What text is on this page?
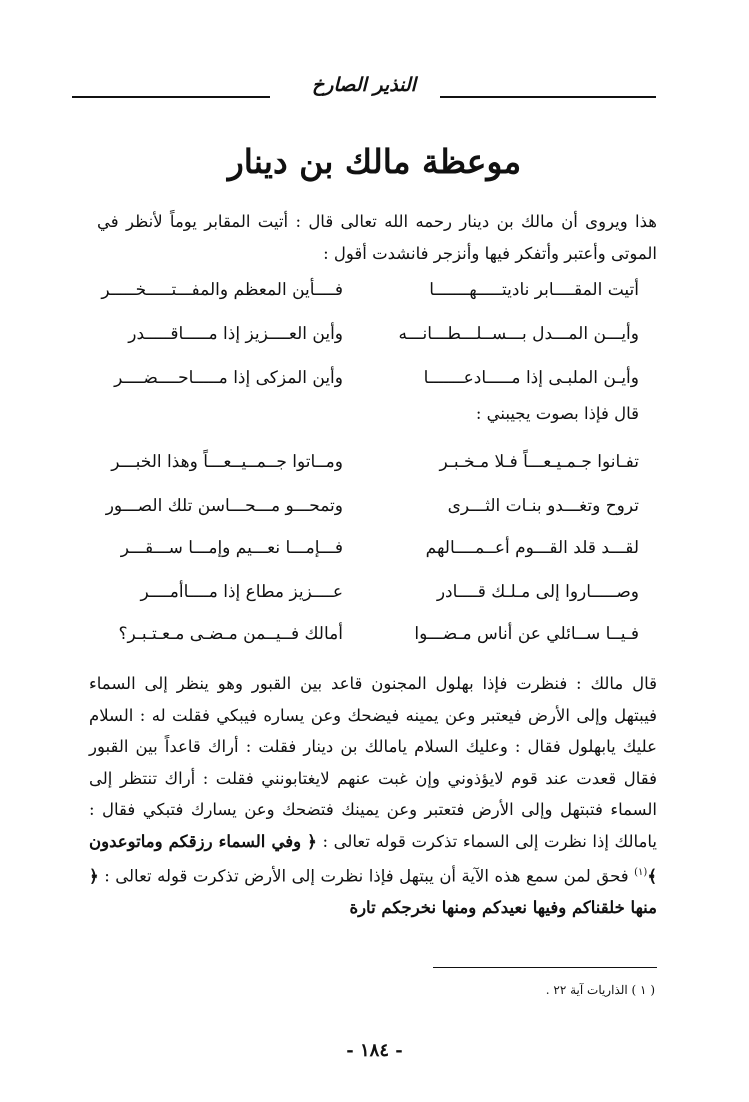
النذير الصارخ
موعظة مالك بن دينار
هذا ويروى أن مالك بن دينار رحمه الله تعالى قال : أتيت المقابر يوماً لأنظر في الموتى وأعتبر وأتفكر فيها وأنزجر فانشدت أقول :
أتيت المقــــابر ناديتـــــهـــــــا
فــــأين المعظم والمفـــتـــــخـــــر
وأيـــن المـــدل بـــســلـــطـــانـــه
وأين العــــزيز إذا مـــــاقـــــدر
وأيـن الملبـى إذا مـــــادعـــــــا
وأين المزكى إذا مـــــاحــــضــــر
قال فإذا بصوت يجيبني :
تفـانوا جـمـيـعـــاً فـلا مـخـبـر
ومــاتوا جــمــيــعـــاً وهذا الخبـــر
تروح وتغـــدو بنـات الثـــرى
وتمحـــو مـــحـــاسن تلك الصـــور
لقـــد قلد القـــوم أعــمــــالهم
فـــإمـــا نعـــيم وإمـــا ســـقـــر
وصـــــاروا إلى مـلـك قــــادر
عــــزيز مطاع إذا مــــاأمــــر
فـيــا ســائلي عن أناس مـضـــوا
أمالك فــيــمن مـضـى مـعـتـبـر؟
قال مالك : فنظرت فإذا بهلول المجنون قاعد بين القبور وهو ينظر إلى السماء فيبتهل وإلى الأرض فيعتبر وعن يمينه فيضحك وعن يساره فيبكي فقلت له : السلام عليك يابهلول فقال : وعليك السلام يامالك بن دينار فقلت : أراك قاعداً بين القبور فقال قعدت عند قوم لايؤذوني وإن غبت عنهم لايغتابونني فقلت : أراك تنتظر إلى السماء فتبتهل وإلى الأرض فتعتبر وعن يمينك فتضحك وعن يسارك فتبكي فقال : يامالك إذا نظرت إلى السماء تذكرت قوله تعالى : ﴿ وفي السماء رزقكم وماتوعدون ﴾$^{(١)}$ فحق لمن سمع هذه الآية أن يبتهل فإذا نظرت إلى الأرض تذكرت قوله تعالى : ﴿ منها خلقناكم وفيها نعيدكم ومنها نخرجكم تارة
( ١ ) الذاريات آية ٢٢ .
- ١٨٤ -
